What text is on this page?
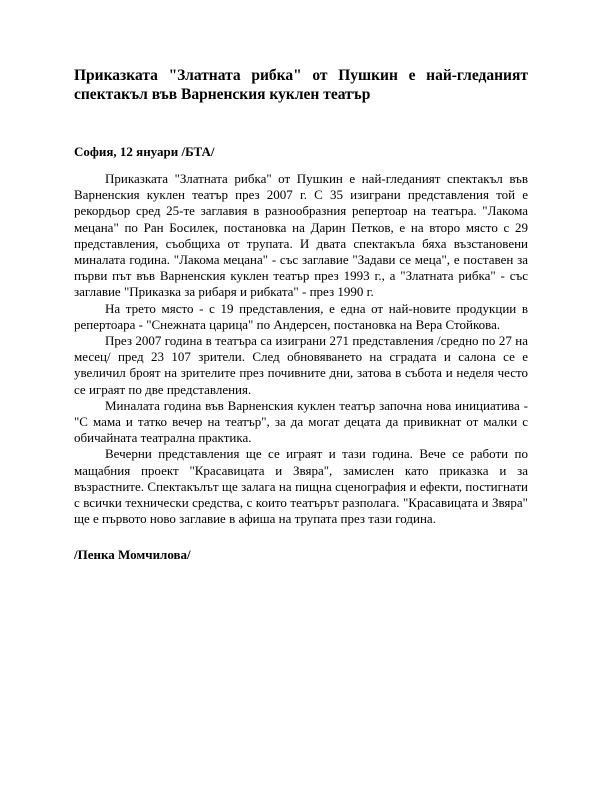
Приказката "Златната рибка" от Пушкин е най-гледаният спектакъл във Варненския куклен театър
София, 12 януари /БТА/

Приказката "Златната рибка" от Пушкин е най-гледаният спектакъл във Варненския куклен театър през 2007 г. С 35 изиграни представления той е рекордьор сред 25-те заглавия в разнообразния репертоар на театъра. "Лакома мецана" по Ран Босилек, постановка на Дарин Петков, е на второ място с 29 представления, съобщиха от трупата. И двата спектакъла бяха възстановени миналата година. "Лакома мецана" - със заглавие "Задави се меца", е поставен за първи път във Варненския куклен театър през 1993 г., а "Златната рибка" - със заглавие "Приказка за рибаря и рибката" - през 1990 г.

На трето място - с 19 представления, е една от най-новите продукции в репертоара - "Снежната царица" по Андерсен, постановка на Вера Стойкова.

През 2007 година в театъра са изиграни 271 представления /средно по 27 на месец/ пред 23 107 зрители. След обновяването на сградата и салона се е увеличил броят на зрителите през почивните дни, затова в събота и неделя често се играят по две представления.

Миналата година във Варненския куклен театър започна нова инициатива - "С мама и татко вечер на театър", за да могат децата да привикнат от малки с обичайната театрална практика.

Вечерни представления ще се играят и тази година. Вече се работи по мащабния проект "Красавицата и Звяра", замислен като приказка и за възрастните. Спектакълът ще залага на пищна сценография и ефекти, постигнати с всички технически средства, с които театърът разполага. "Красавицата и Звяра" ще е първото ново заглавие в афиша на трупата през тази година.

/Пенка Момчилова/
